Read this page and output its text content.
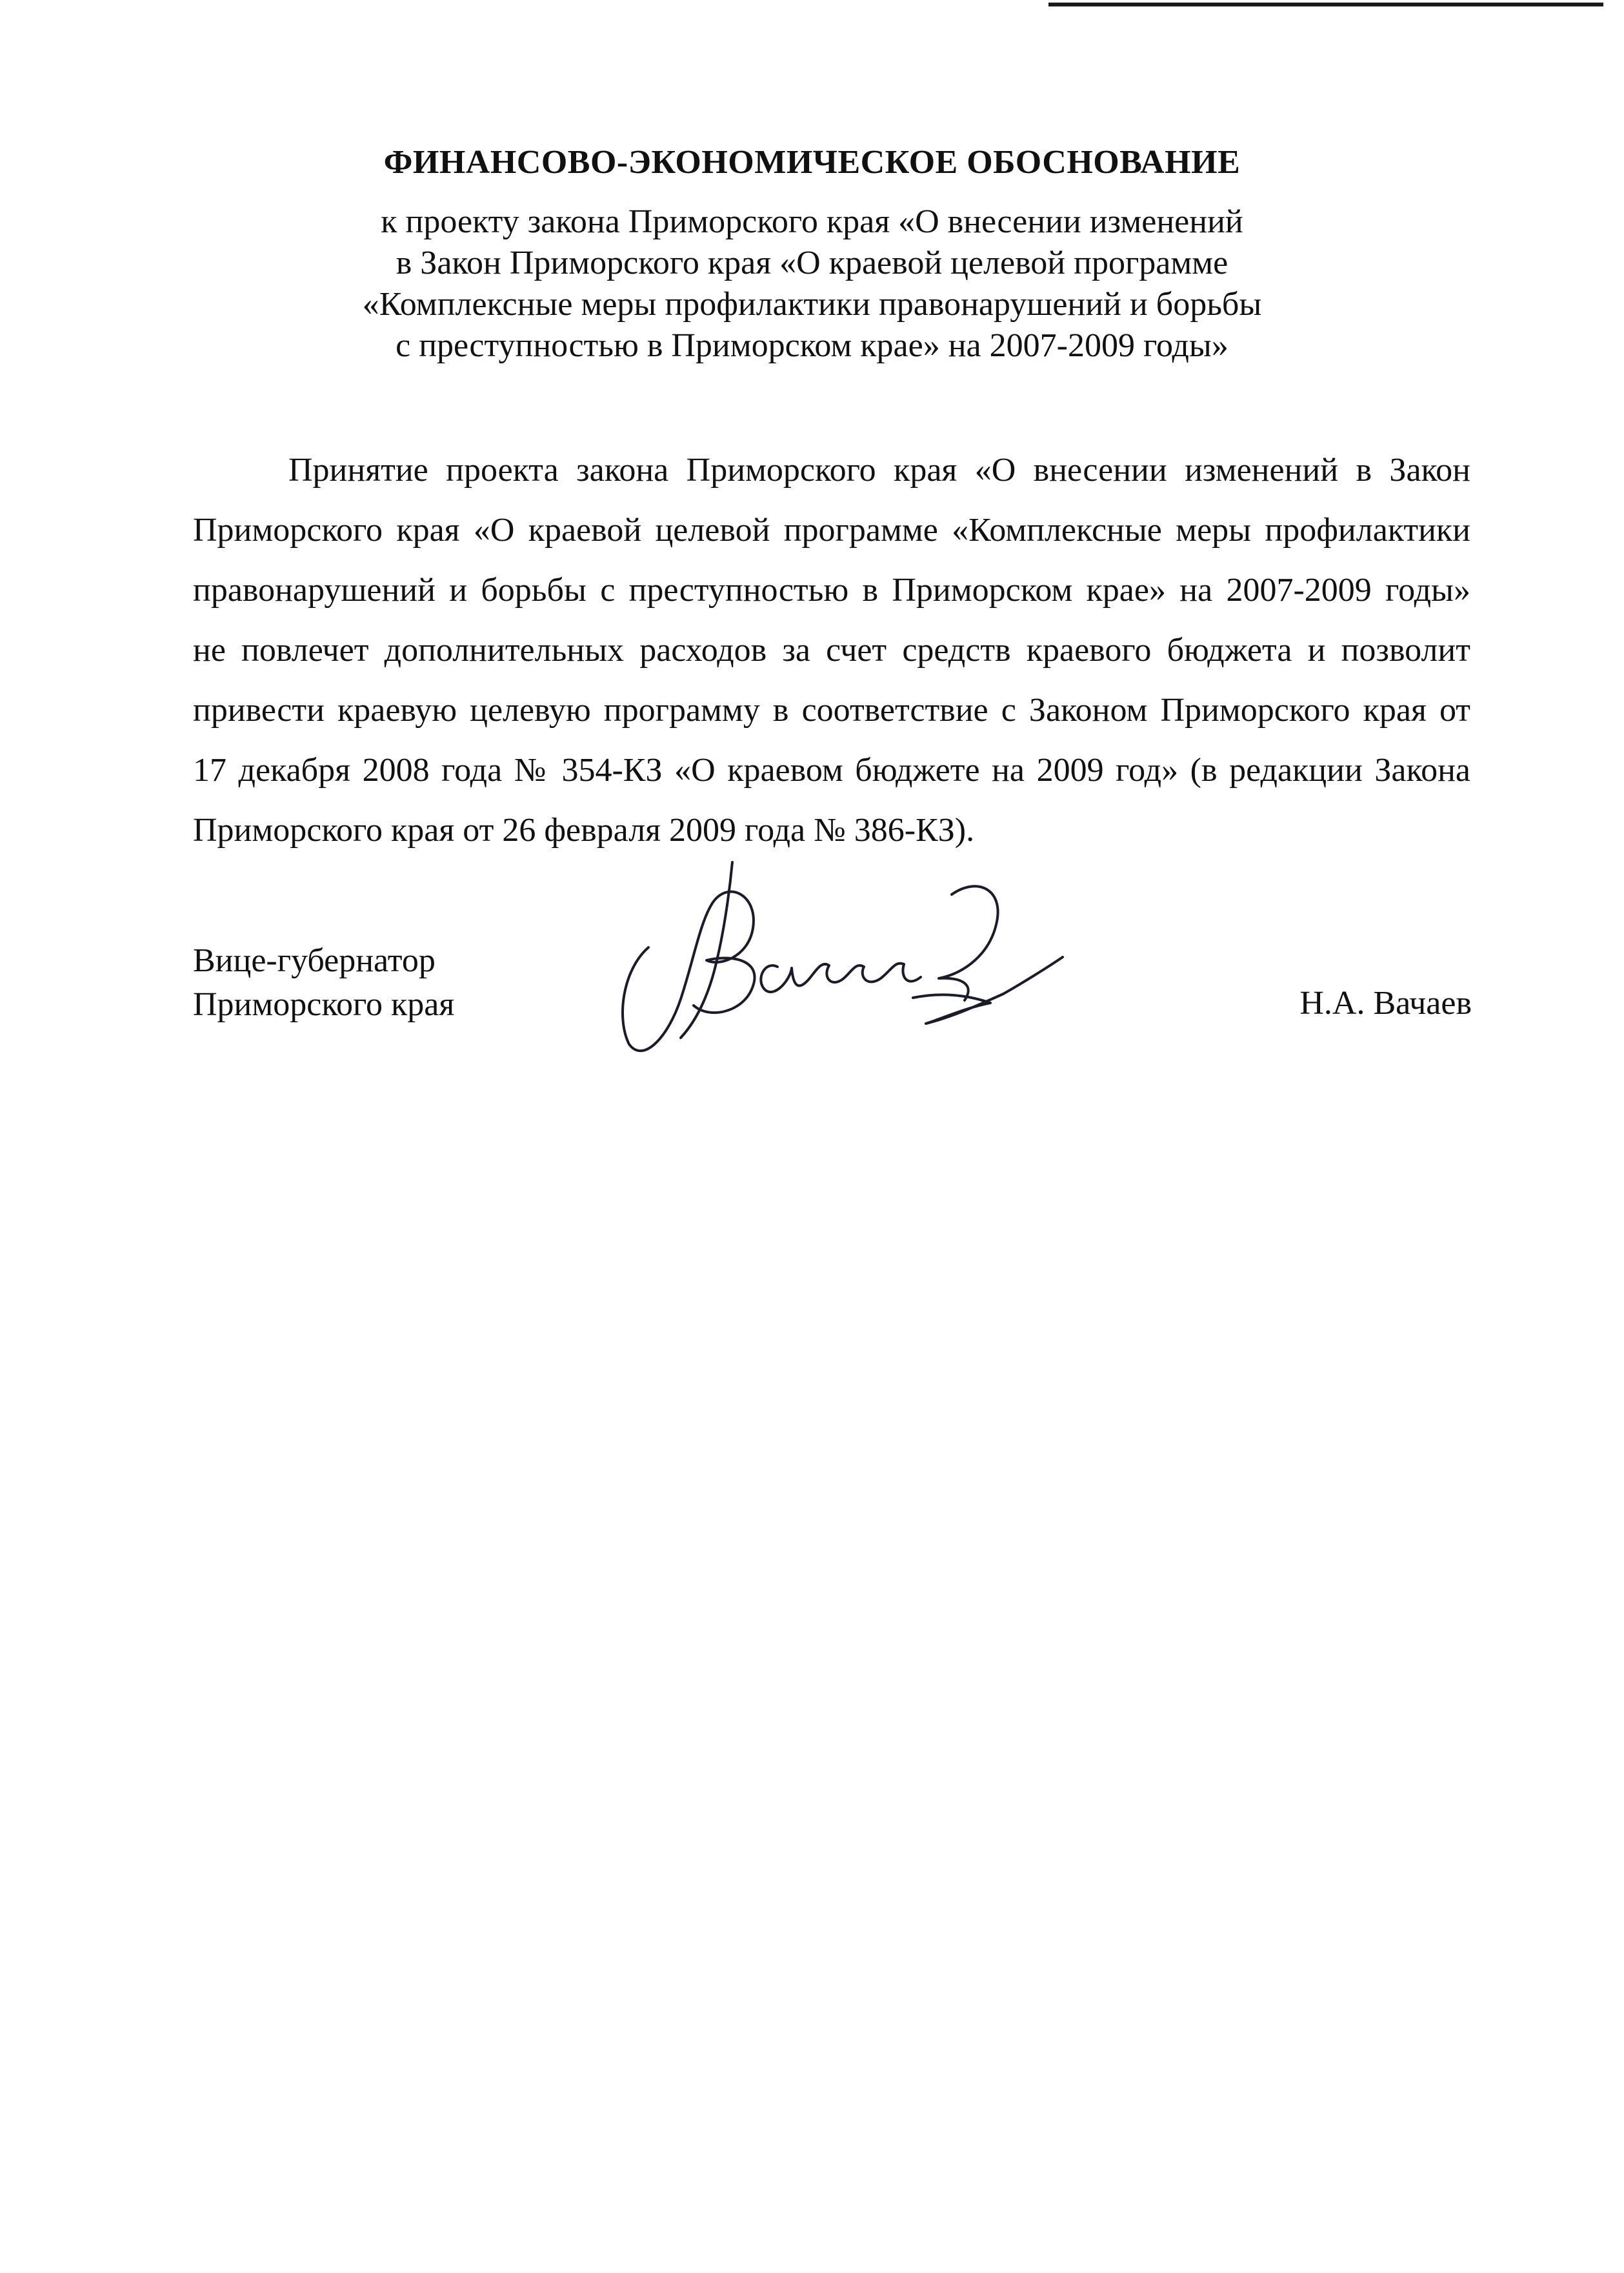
ФИНАНСОВО-ЭКОНОМИЧЕСКОЕ ОБОСНОВАНИЕ
к проекту закона Приморского края «О внесении изменений
в Закон Приморского края «О краевой целевой программе
«Комплексные меры профилактики правонарушений и борьбы
с преступностью в Приморском крае» на 2007-2009 годы»
Принятие проекта закона Приморского края «О внесении изменений в Закон
Приморского края «О краевой целевой программе «Комплексные меры профилактики
правонарушений и борьбы с преступностью в Приморском крае» на 2007-2009 годы»
не повлечет дополнительных расходов за счет средств краевого бюджета и позволит
привести краевую целевую программу в соответствие с Законом Приморского края от
17 декабря 2008 года № 354-КЗ «О краевом бюджете на 2009 год» (в редакции Закона
Приморского края от 26 февраля 2009 года № 386-КЗ).
Вице-губернатор
Приморского края	Н.А. Вачаев
